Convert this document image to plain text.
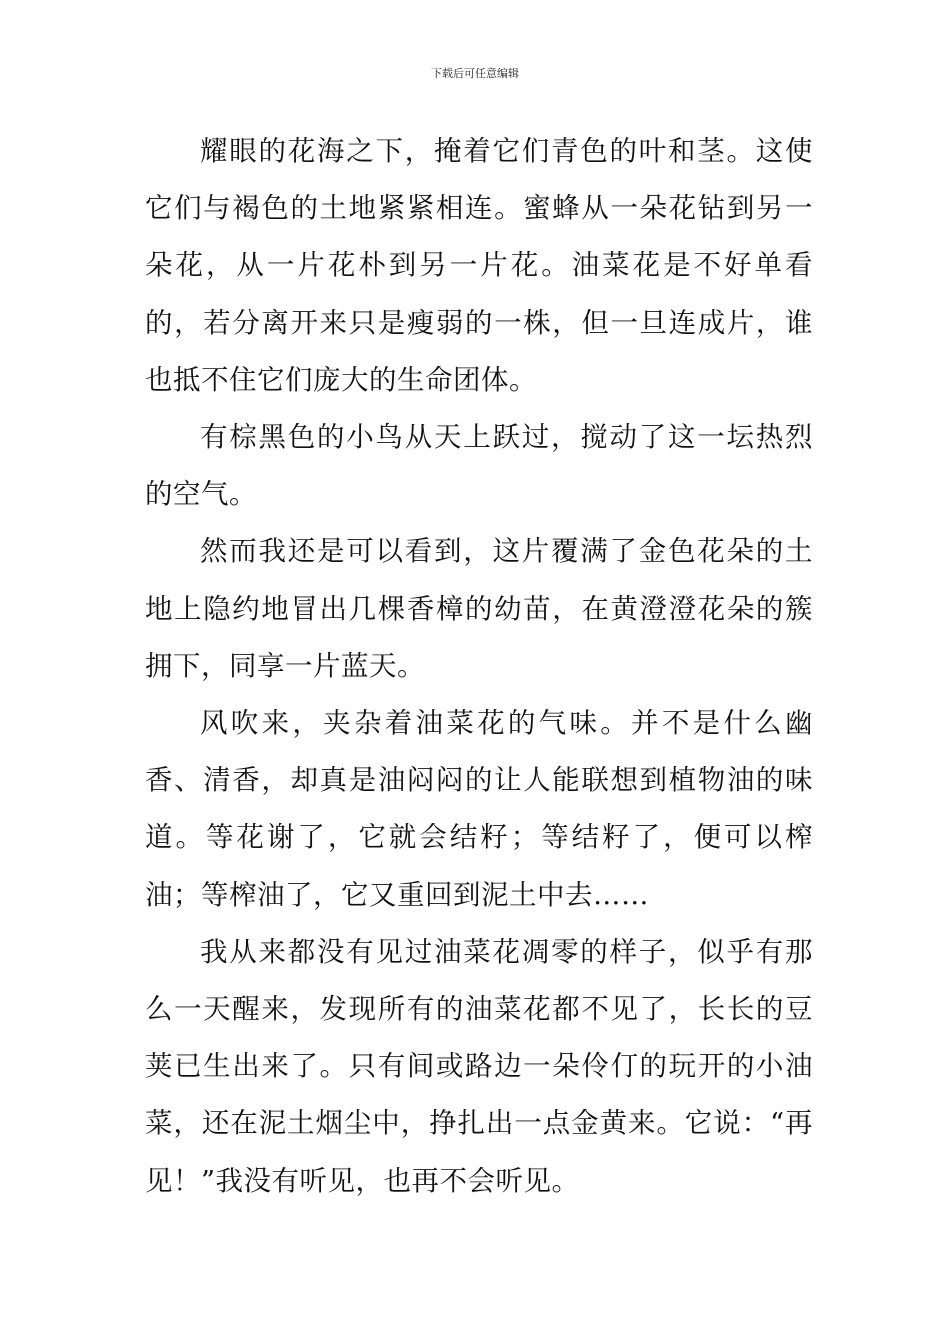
下载后可任意编辑

耀眼的花海之下，掩着它们青色的叶和茎。这使它们与褐色的土地紧紧相连。蜜蜂从一朵花钻到另一朵花，从一片花朴到另一片花。油菜花是不好单看的，若分离开来只是瘦弱的一株，但一旦连成片，谁也抵不住它们庞大的生命团体。

有棕黑色的小鸟从天上跃过，搅动了这一坛热烈的空气。

然而我还是可以看到，这片覆满了金色花朵的土地上隐约地冒出几棵香樟的幼苗，在黄澄澄花朵的簇拥下，同享一片蓝天。

风吹来，夹杂着油菜花的气味。并不是什么幽香、清香，却真是油闷闷的让人能联想到植物油的味道。等花谢了，它就会结籽；等结籽了，便可以榨油；等榨油了，它又重回到泥土中去……

我从来都没有见过油菜花凋零的样子，似乎有那么一天醒来，发现所有的油菜花都不见了，长长的豆荚已生出来了。只有间或路边一朵伶仃的玩开的小油菜，还在泥土烟尘中，挣扎出一点金黄来。它说：“再见！”我没有听见，也再不会听见。
